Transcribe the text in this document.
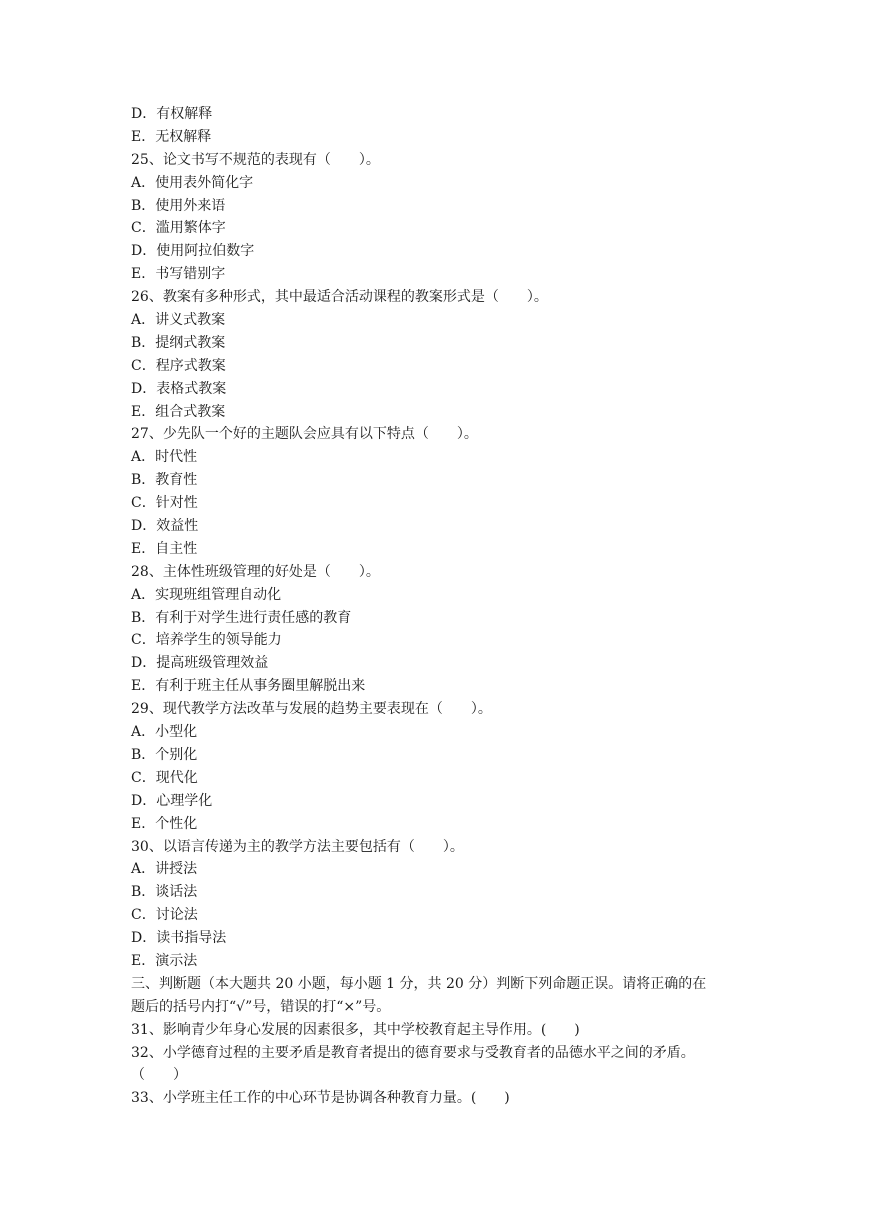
D．有权解释
E．无权解释
25、论文书写不规范的表现有（　　）。
A．使用表外简化字
B．使用外来语
C．滥用繁体字
D．使用阿拉伯数字
E．书写错别字
26、教案有多种形式，其中最适合活动课程的教案形式是（　　）。
A．讲义式教案
B．提纲式教案
C．程序式教案
D．表格式教案
E．组合式教案
27、少先队一个好的主题队会应具有以下特点（　　）。
A．时代性
B．教育性
C．针对性
D．效益性
E．自主性
28、主体性班级管理的好处是（　　）。
A．实现班组管理自动化
B．有利于对学生进行责任感的教育
C．培养学生的领导能力
D．提高班级管理效益
E．有利于班主任从事务圈里解脱出来
29、现代教学方法改革与发展的趋势主要表现在（　　）。
A．小型化
B．个别化
C．现代化
D．心理学化
E．个性化
30、以语言传递为主的教学方法主要包括有（　　）。
A．讲授法
B．谈话法
C．讨论法
D．读书指导法
E．演示法
三、判断题（本大题共 20 小题，每小题 1 分，共 20 分）判断下列命题正误。请将正确的在
题后的括号内打“√”号，错误的打“×”号。
31、影响青少年身心发展的因素很多，其中学校教育起主导作用。(　　)
32、小学德育过程的主要矛盾是教育者提出的德育要求与受教育者的品德水平之间的矛盾。
（　　）
33、小学班主任工作的中心环节是协调各种教育力量。(　　)
